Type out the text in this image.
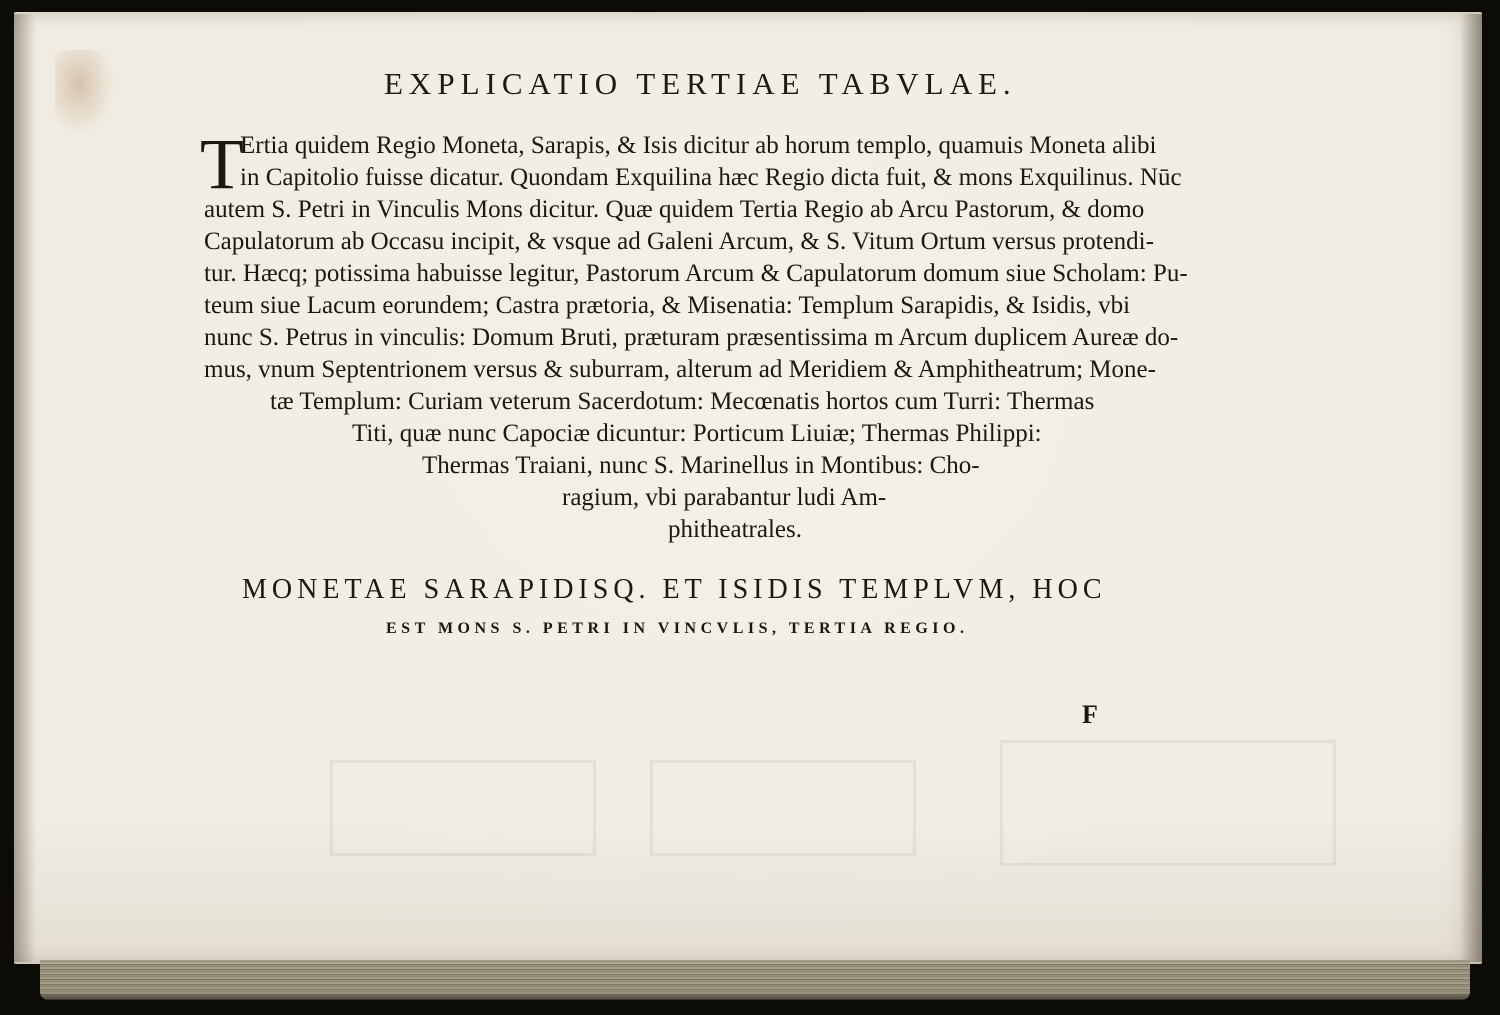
EXPLICATIO TERTIAE TABVLAE.
T
Ertia quidem Regio Moneta, Sarapis, & Isis dicitur ab horum templo, quamuis Moneta alibi
in Capitolio fuisse dicatur. Quondam Exquilina hæc Regio dicta fuit, & mons Exquilinus. Nūc
autem S. Petri in Vinculis Mons dicitur. Quæ quidem Tertia Regio ab Arcu Pastorum, & domo
Capulatorum ab Occasu incipit, & vsque ad Galeni Arcum, & S. Vitum Ortum versus protendi-
tur. Hæcq; potissima habuisse legitur, Pastorum Arcum & Capulatorum domum siue Scholam: Pu-
teum siue Lacum eorundem; Castra prætoria, & Misenatia: Templum Sarapidis, & Isidis, vbi
nunc S. Petrus in vinculis: Domum Bruti, præturam præsentissima m Arcum duplicem Aureæ do-
mus, vnum Septentrionem versus & suburram, alterum ad Meridiem & Amphitheatrum; Mone-
tæ Templum: Curiam veterum Sacerdotum: Mecœnatis hortos cum Turri: Thermas
Titi, quæ nunc Capociæ dicuntur: Porticum Liuiæ; Thermas Philippi:
Thermas Traiani, nunc S. Marinellus in Montibus: Cho-
ragium, vbi parabantur ludi Am-
phitheatrales.
MONETAE SARAPIDISQ. ET ISIDIS TEMPLVM, HOC
EST MONS S. PETRI IN VINCVLIS, TERTIA REGIO.
F
